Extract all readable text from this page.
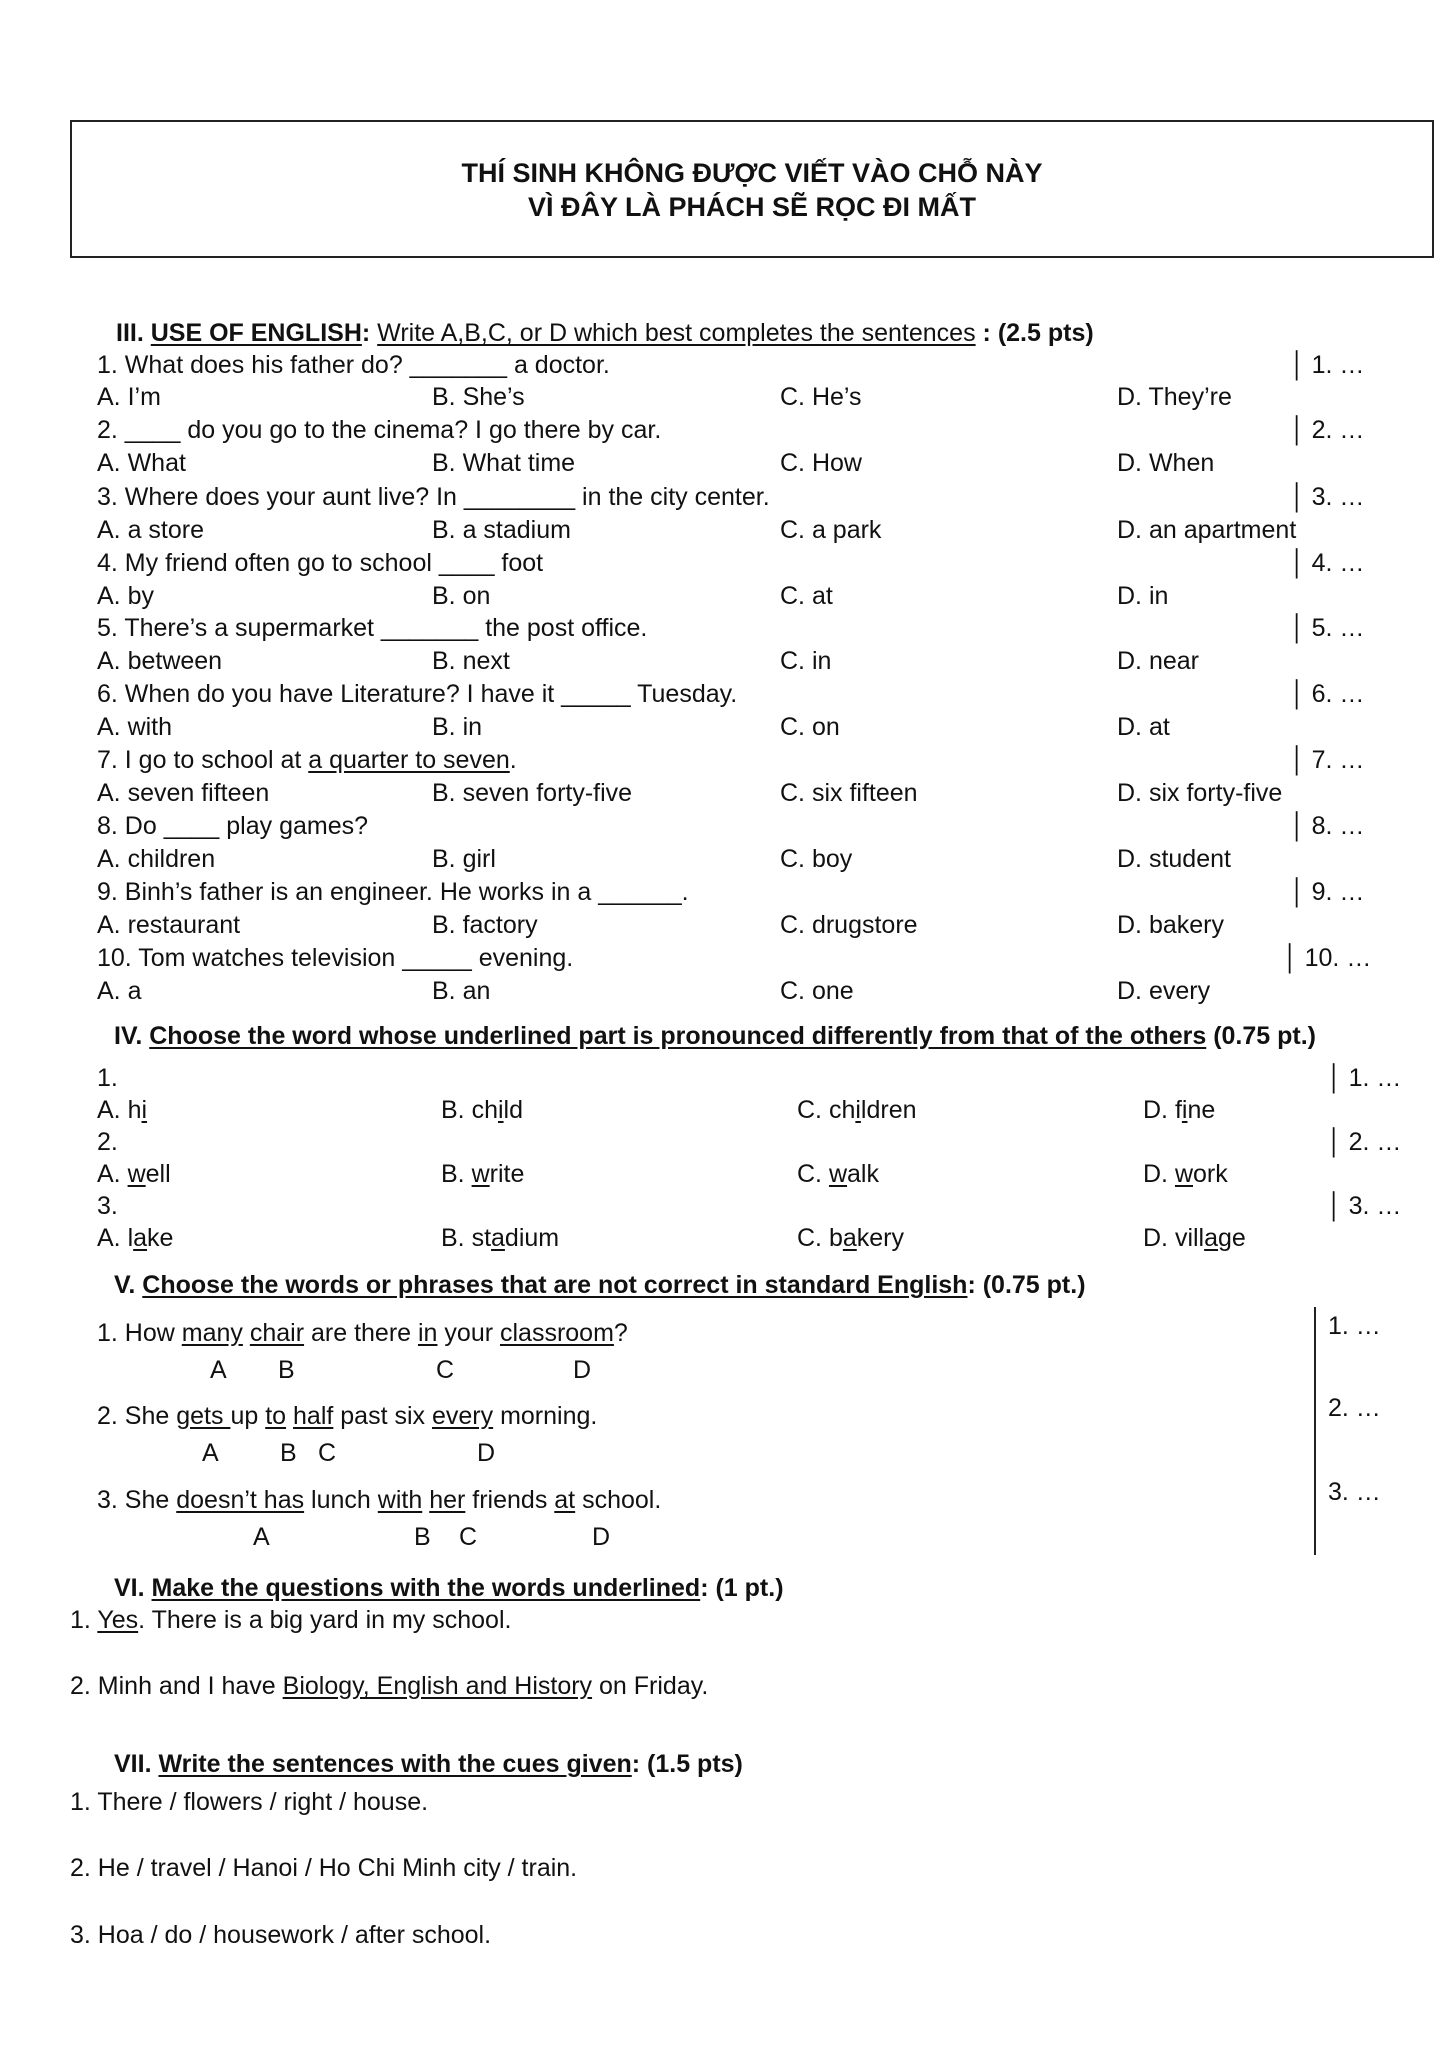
THÍ SINH KHÔNG ĐƯỢC VIẾT VÀO CHỖ NÀY
VÌ ĐÂY LÀ PHÁCH SẼ RỌC ĐI MẤT
III. USE OF ENGLISH: Write A,B,C, or D which best completes the sentences : (2.5 pts)
1. What does his father do? _______ a doctor.	│ 1. …
A. I’m	B. She’s	C. He’s	D. They’re
2. ____ do you go to the cinema? I go there by car.	│ 2. …
A. What	B. What time	C. How	D. When
3. Where does your aunt live? In ________ in the city center.	│ 3. …
A. a store	B. a stadium	C. a park	D. an apartment
4. My friend often go to school ____ foot	│ 4. …
A. by	B. on	C. at	D. in
5. There’s a supermarket _______ the post office.	│ 5. …
A. between	B. next	C. in	D. near
6. When do you have Literature? I have it _____ Tuesday.	│ 6. …
A. with	B. in	C. on	D. at
7. I go to school at a quarter to seven.	│ 7. …
A. seven fifteen	B. seven forty-five	C. six fifteen	D. six forty-five
8. Do ____ play games?	│ 8. …
A. children	B. girl	C. boy	D. student
9. Binh’s father is an engineer. He works in a ______.	│ 9. …
A. restaurant	B. factory	C. drugstore	D. bakery
10. Tom watches television _____ evening.	│ 10. …
A. a	B. an	C. one	D. every
IV. Choose the word whose underlined part is pronounced differently from that of the others (0.75 pt.)
1.	│ 1. …
A. hi	B. child	C. children	D. fine
2.	│ 2. …
A. well	B. write	C. walk	D. work
3.	│ 3. …
A. lake	B. stadium	C. bakery	D. village
V. Choose the words or phrases that are not correct in standard English: (0.75 pt.)
1. How many chair are there in your classroom?	1. …
A B	C	D
2. She gets up to half past six every morning.	2. …
A B C	D
3. She doesn’t has lunch with her friends at school.	3. …
A	B C	D
VI. Make the questions with the words underlined: (1 pt.)
1. Yes. There is a big yard in my school.
2. Minh and I have Biology, English and History on Friday.
VII. Write the sentences with the cues given: (1.5 pts)
1. There / flowers / right / house.
2. He / travel / Hanoi / Ho Chi Minh city / train.
3. Hoa / do / housework / after school.
